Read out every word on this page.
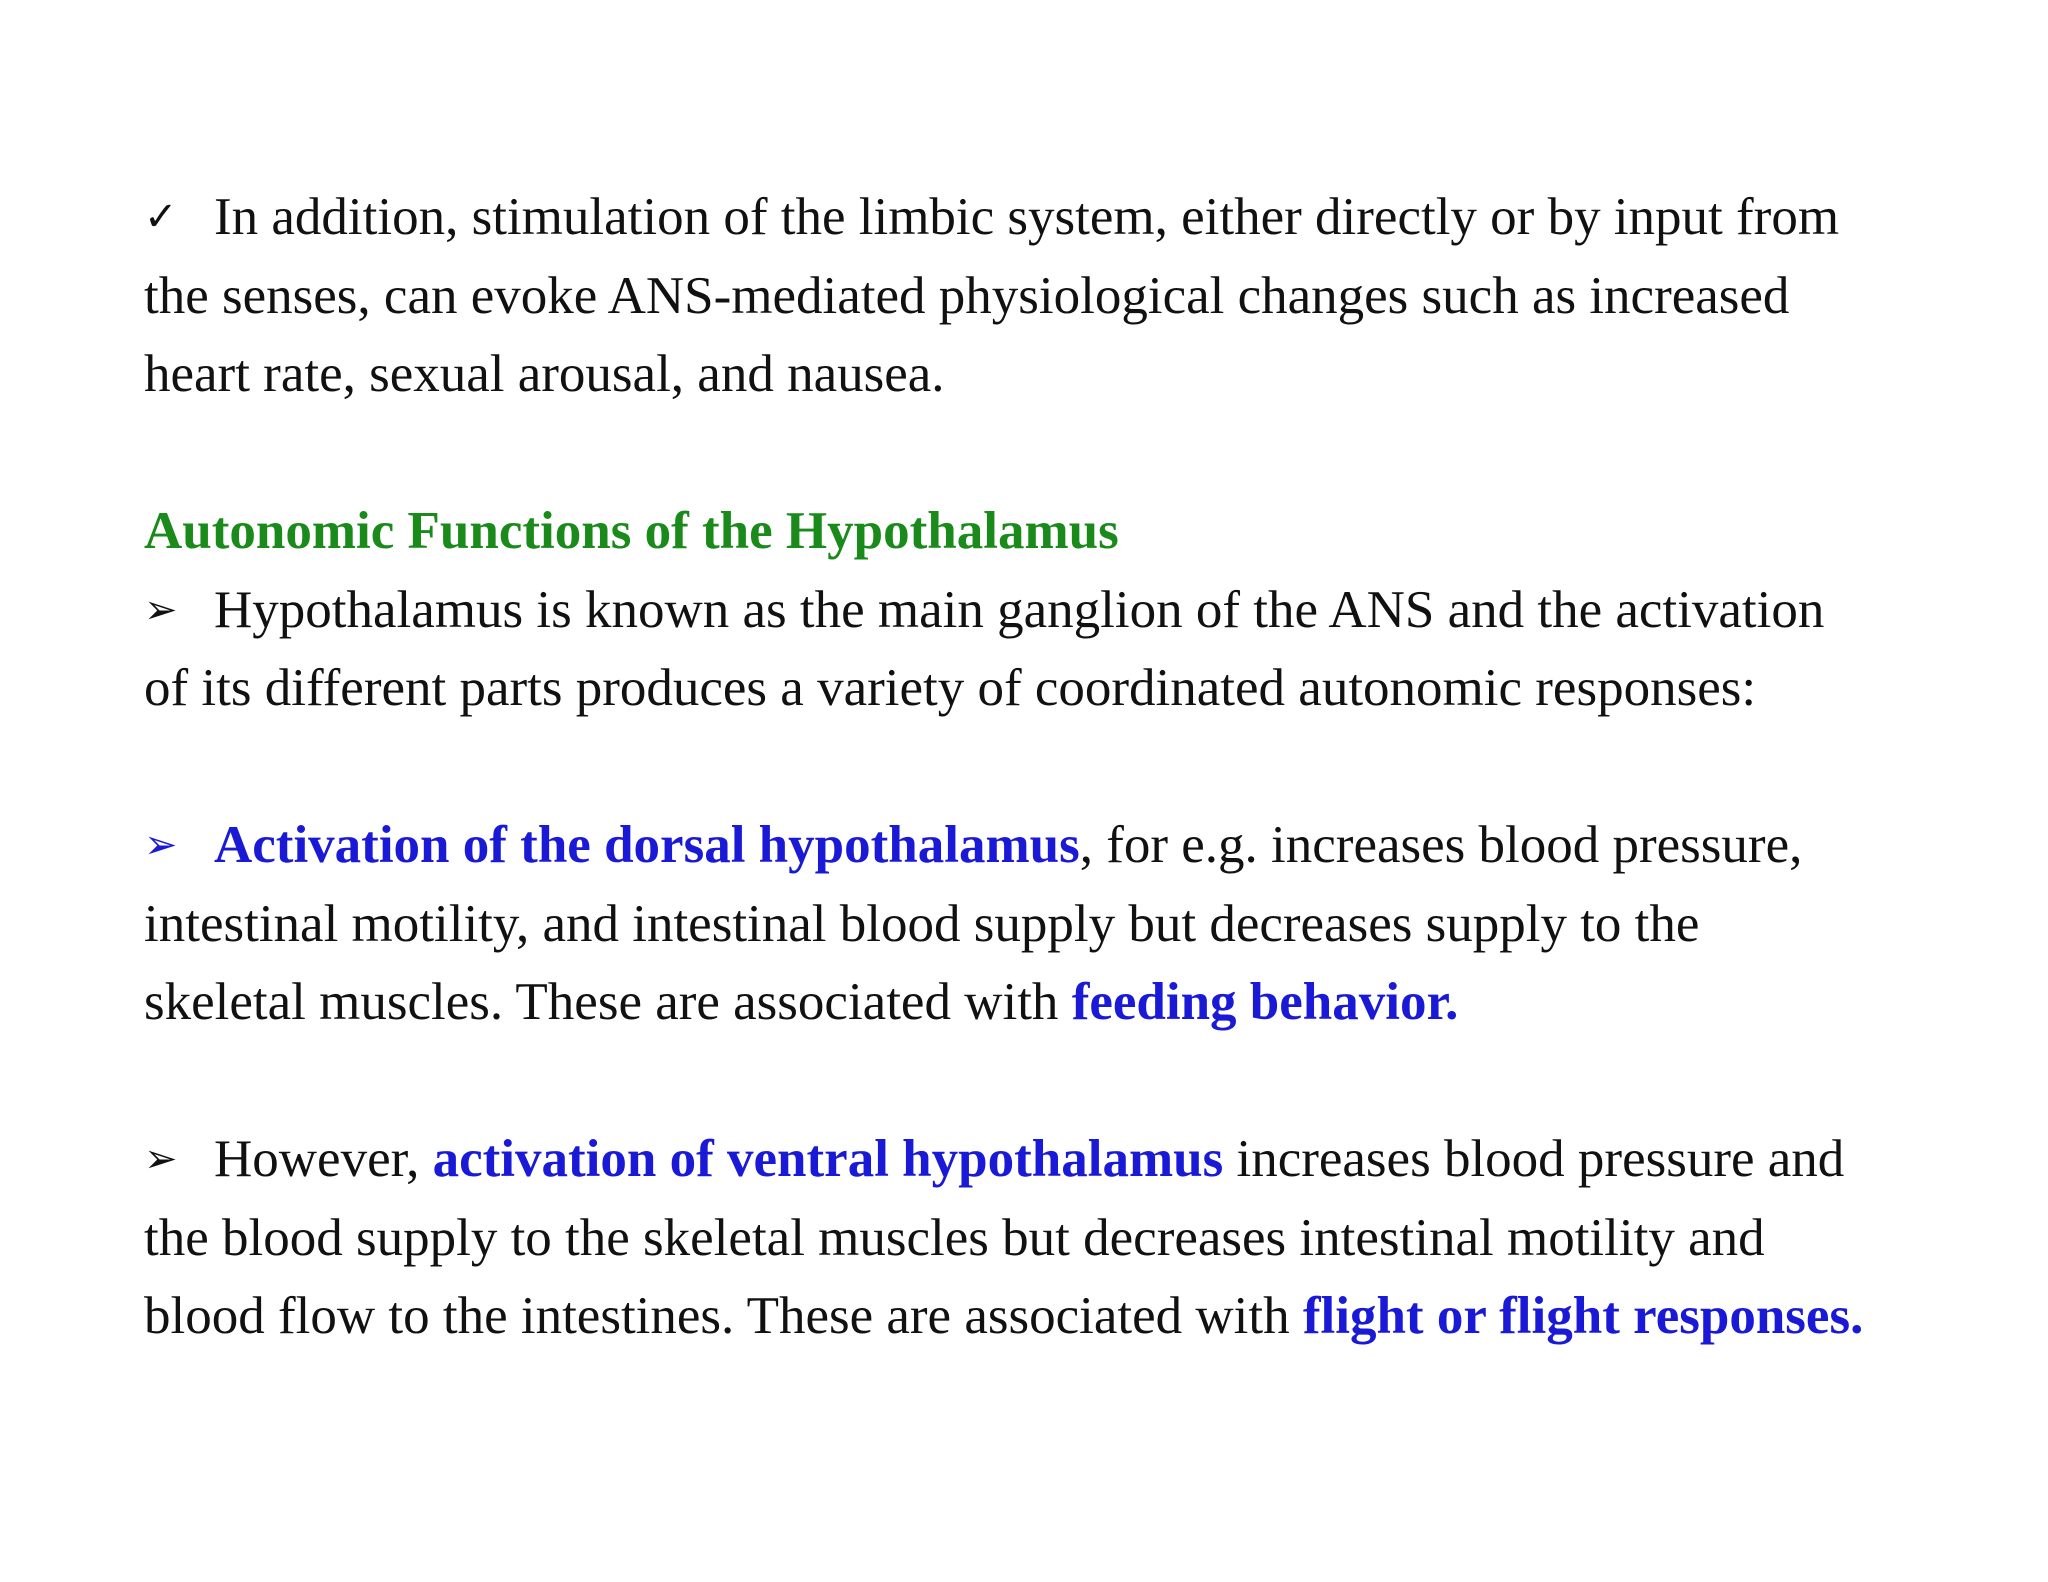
✓ In addition, stimulation of the limbic system, either directly or by input from the senses, can evoke ANS-mediated physiological changes such as increased heart rate, sexual arousal, and nausea.

Autonomic Functions of the Hypothalamus

➢ Hypothalamus is known as the main ganglion of the ANS and the activation of its different parts produces a variety of coordinated autonomic responses:

➢ Activation of the dorsal hypothalamus, for e.g. increases blood pressure, intestinal motility, and intestinal blood supply but decreases supply to the skeletal muscles. These are associated with feeding behavior.

➢ However, activation of ventral hypothalamus increases blood pressure and the blood supply to the skeletal muscles but decreases intestinal motility and blood flow to the intestines. These are associated with flight or flight responses.
